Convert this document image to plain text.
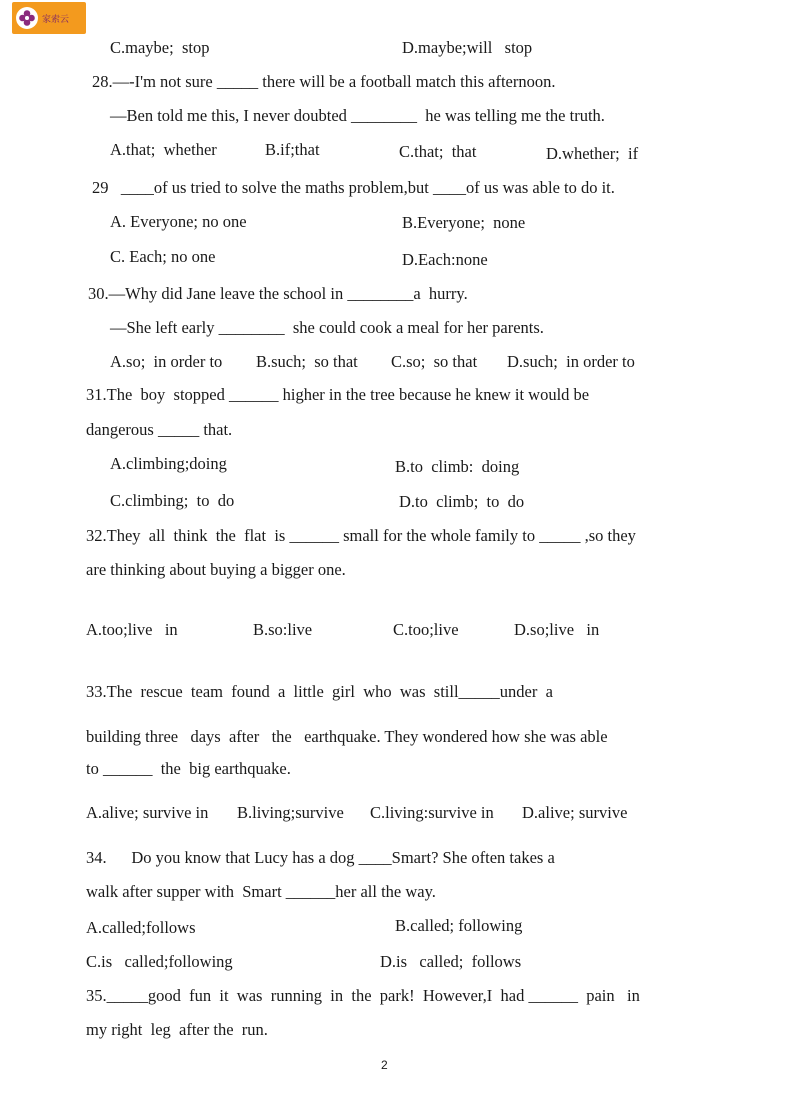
家索云
C.maybe;  stop	D.maybe;will   stop
28.—-I'm not sure _____ there will be a football match this afternoon.
—Ben told me this, I never doubted ________  he was telling me the truth.
A.that;  whether	B.if;that	C.that;  that	D.whether;  if
29   ____of us tried to solve the maths problem,but ____of us was able to do it.
A. Everyone; no one	B.Everyone;  none
C. Each; no one	D.Each:none
30.—Why did Jane leave the school in ________a  hurry.
—She left early ________  she could cook a meal for her parents.
A.so;  in order to B.such;  so that C.so;  so that D.such;  in order to
31.The  boy  stopped ______ higher in the tree because he knew it would be
dangerous _____ that.
A.climbing;doing	B.to  climb:  doing
C.climbing;  to  do	D.to  climb;  to  do
32.They  all  think  the  flat  is ______ small for the whole family to _____ ,so they
are thinking about buying a bigger one.
A.too;live   in	B.so:live	C.too;live	D.so;live   in
33.The  rescue  team  found  a  little  girl  who  was  still_____under  a
building three   days  after   the   earthquake. They wondered how she was able
to ______  the  big earthquake.
A.alive; survive in B.living;survive C.living:survive in D.alive; survive
34.      Do you know that Lucy has a dog ____Smart? She often takes a
walk after supper with  Smart ______her all the way.
A.called;follows	B.called; following
C.is   called;following	D.is   called;  follows
35._____good  fun  it  was  running  in  the  park!  However,I  had ______  pain   in
my right  leg  after the  run.
2
